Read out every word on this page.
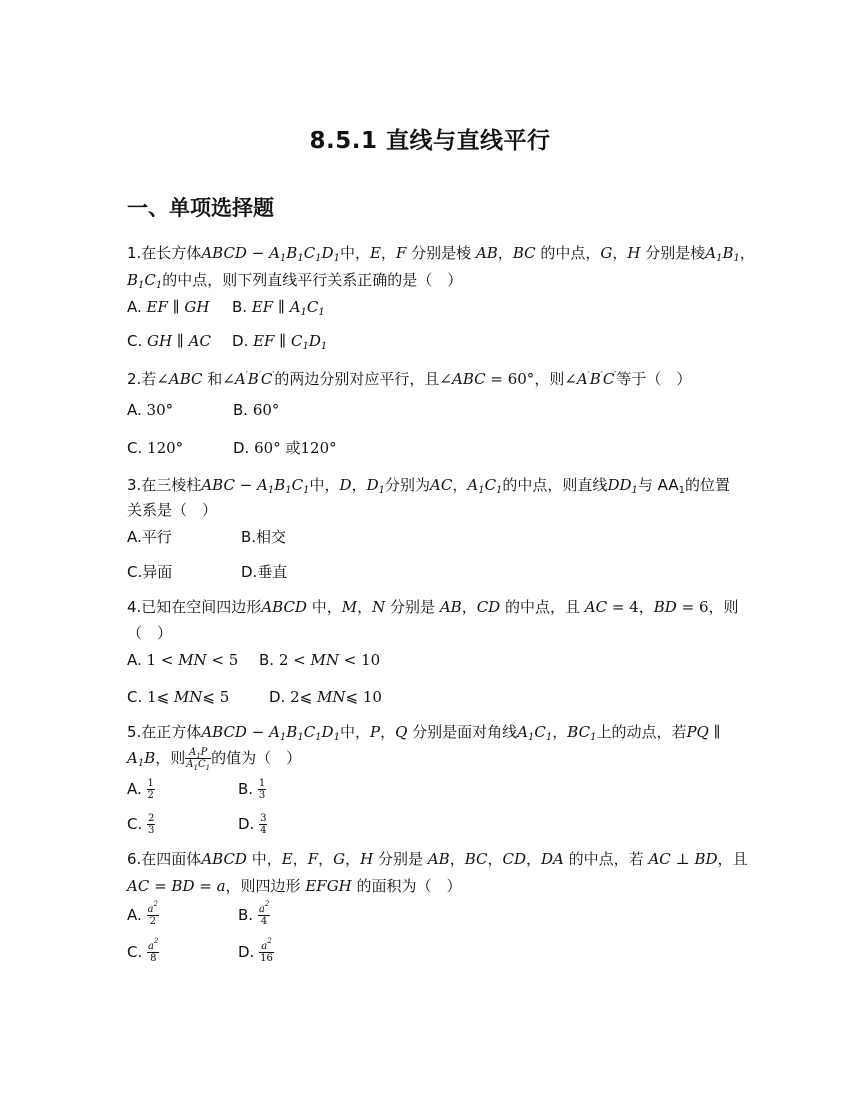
8.5.1 直线与直线平行
一、单项选择题
1.在长方体ABCD − $A_1B_1C_1D_1$中，E，F 分别是棱 AB，BC 的中点，G，H 分别是棱$A_1B_1$，
$B_1C_1$的中点，则下列直线平行关系正确的是（　）
A. EF ∥ GH B. EF ∥ $A_1C_1$
C. GH ∥ AC D. EF ∥ $C_1D_1$
2.若∠ABC 和∠A′B′C′的两边分别对应平行，且∠ABC = 60°，则∠A′B′C′等于（　）
A. 30°	B. 60°
C. 120°	D. 60° 或120°
3.在三棱柱ABC − $A_1B_1C_1$中，D，$D_1$分别为AC，$A_1C_1$的中点，则直线$DD_1$与 $AA_1$的位置
关系是（　）
A.平行	B.相交
C.异面	D.垂直
4.已知在空间四边形ABCD 中，M，N 分别是 AB，CD 的中点，且 AC = 4，BD = 6，则
（　）
A. 1 < MN < 5 B. 2 < MN < 10
C. 1⩽ MN⩽ 5	D. 2⩽ MN⩽ 10
5.在正方体ABCD − $A_1B_1C_1D_1$中，P，Q 分别是面对角线$A_1C_1$，$BC_1$上的动点，若PQ ∥
$A_1B$，则 $\frac{A_1P}{A_1C_1}$ 的值为（　）
A. $\frac{1}{2}$	B. $\frac{1}{3}$
C. $\frac{2}{3}$	D. $\frac{3}{4}$
6.在四面体ABCD 中，E，F，G，H 分别是 AB，BC，CD，DA 的中点，若 AC ⊥ BD，且
AC = BD = a，则四边形 EFGH 的面积为（　）
A. $\frac{a^2}{2}$	B. $\frac{a^2}{4}$
C. $\frac{a^2}{8}$	D. $\frac{a^2}{16}$
